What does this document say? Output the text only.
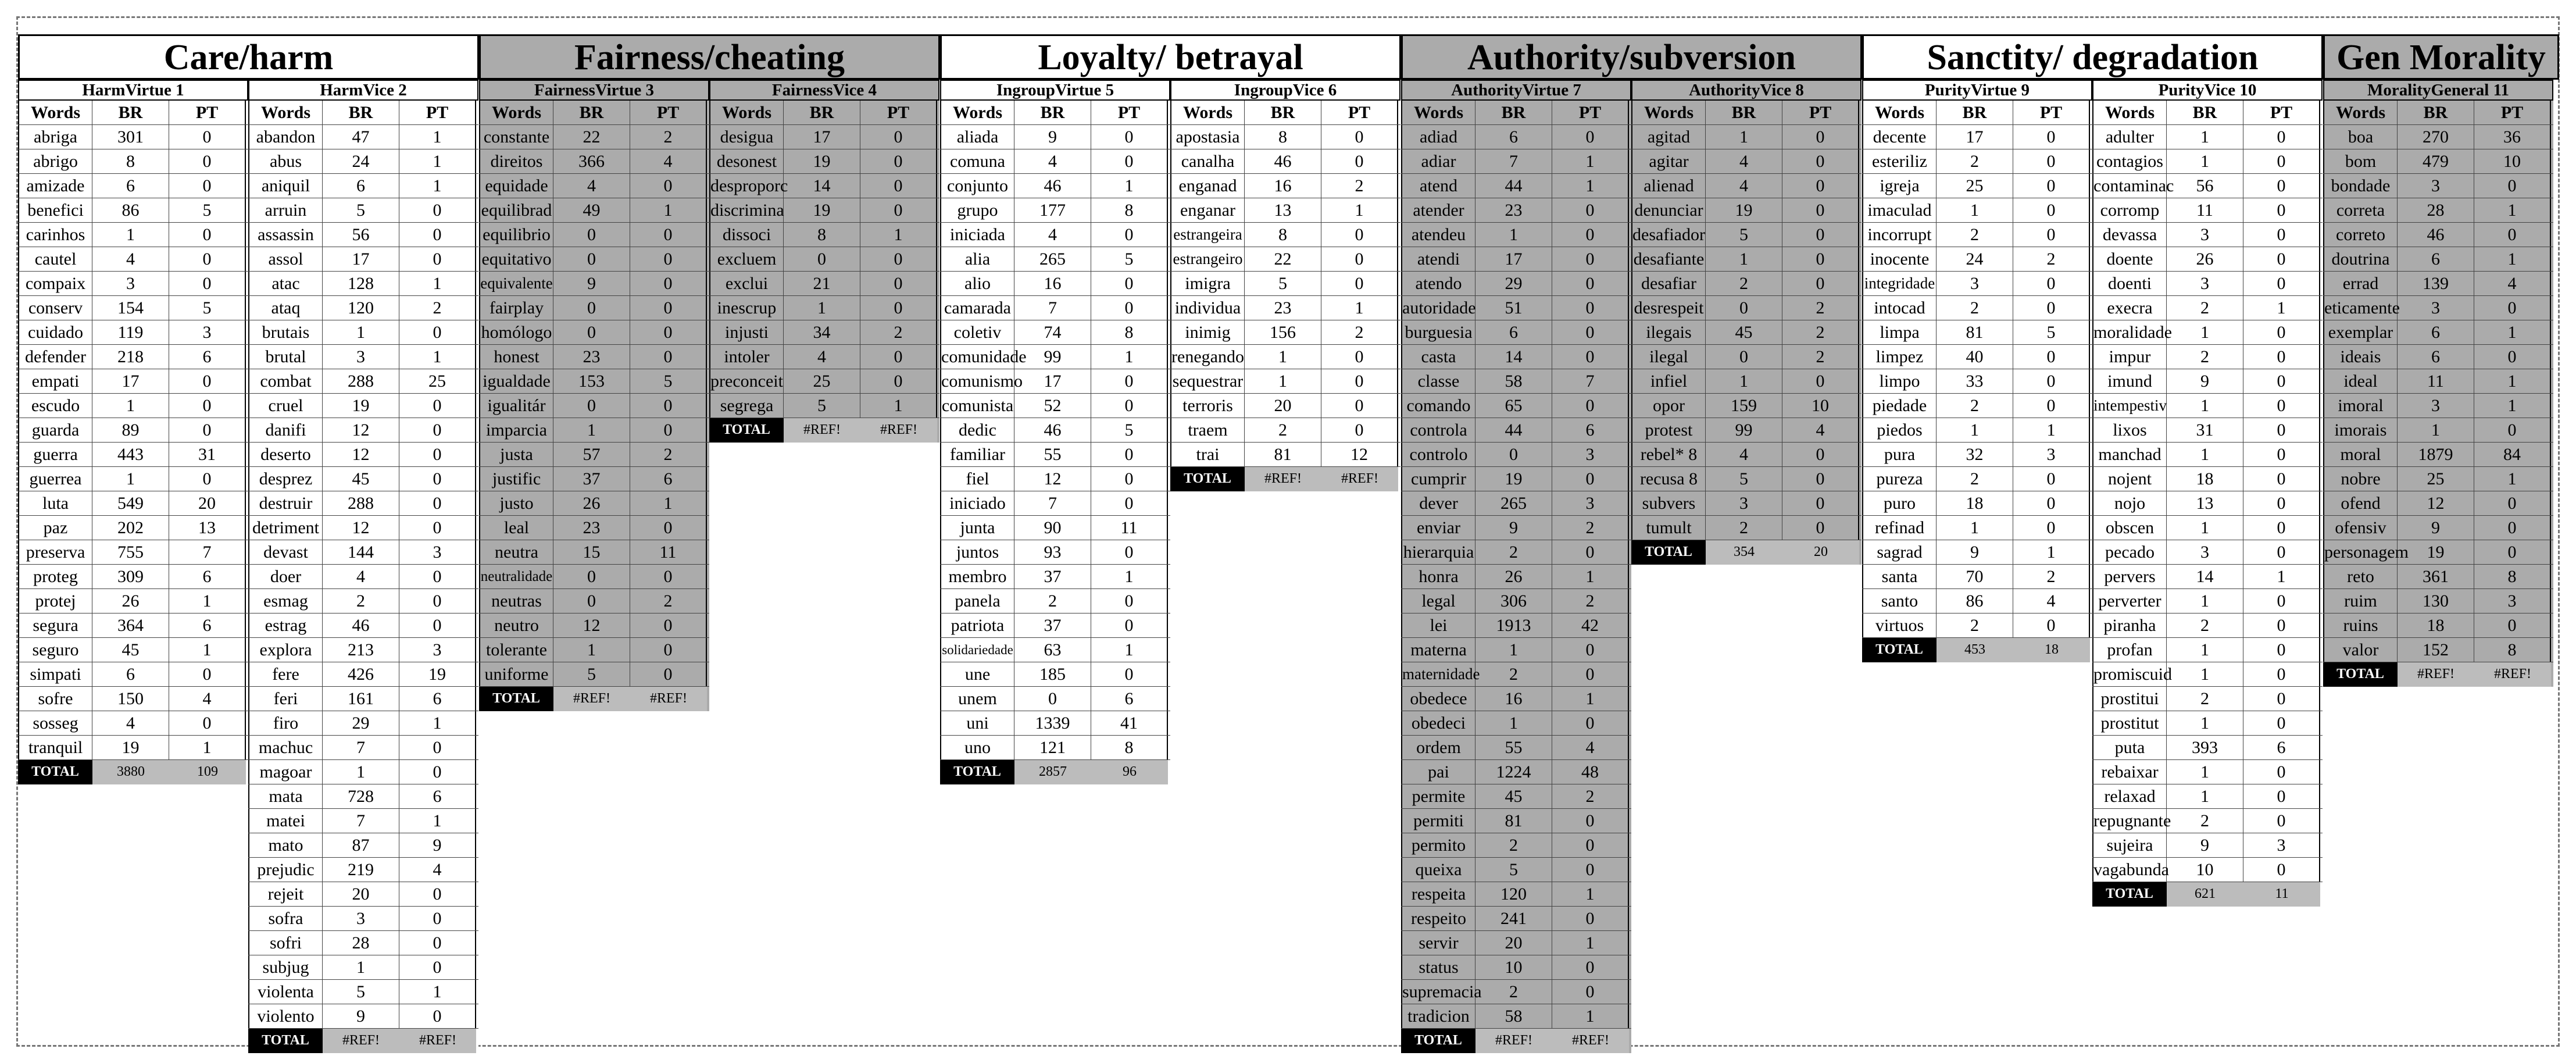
Care/harm
HarmVirtue 1
Words	BR	PT
abriga	301	0
abrigo	8	0
amizade	6	0
benefici	86	5
carinhos	1	0
cautel	4	0
compaix	3	0
conserv	154	5
cuidado	119	3
defender	218	6
empati	17	0
escudo	1	0
guarda	89	0
guerra	443	31
guerrea	1	0
luta	549	20
paz	202	13
preserva	755	7
proteg	309	6
protej	26	1
segura	364	6
seguro	45	1
simpati	6	0
sofre	150	4
sosseg	4	0
tranquil	19	1
TOTAL	3880	109
HarmVice 2
Words	BR	PT
abandon	47	1
abus	24	1
aniquil	6	1
arruin	5	0
assassin	56	0
assol	17	0
atac	128	1
ataq	120	2
brutais	1	0
brutal	3	1
combat	288	25
cruel	19	0
danifi	12	0
deserto	12	0
desprez	45	0
destruir	288	0
detriment	12	0
devast	144	3
doer	4	0
esmag	2	0
estrag	46	0
explora	213	3
fere	426	19
feri	161	6
firo	29	1
machuc	7	0
magoar	1	0
mata	728	6
matei	7	1
mato	87	9
prejudic	219	4
rejeit	20	0
sofra	3	0
sofri	28	0
subjug	1	0
violenta	5	1
violento	9	0
TOTAL	#REF!	#REF!
Fairness/cheating
FairnessVirtue 3
Words	BR	PT
constante	22	2
direitos	366	4
equidade	4	0
equilibrad	49	1
equilibrio	0	0
equitativo	0	0
equivalente	9	0
fairplay	0	0
homólogo	0	0
honest	23	0
igualdade	153	5
igualitár	0	0
imparcia	1	0
justa	57	2
justific	37	6
justo	26	1
leal	23	0
neutra	15	11
neutralidade	0	0
neutras	0	2
neutro	12	0
tolerante	1	0
uniforme	5	0
TOTAL	#REF!	#REF!
FairnessVice 4
Words	BR	PT
desigua	17	0
desonest	19	0
desproporc	14	0
discrimina	19	0
dissoci	8	1
excluem	0	0
exclui	21	0
inescrup	1	0
injusti	34	2
intoler	4	0
preconceit	25	0
segrega	5	1
TOTAL	#REF!	#REF!
Loyalty/ betrayal
IngroupVirtue 5
Words	BR	PT
aliada	9	0
comuna	4	0
conjunto	46	1
grupo	177	8
iniciada	4	0
alia	265	5
alio	16	0
camarada	7	0
coletiv	74	8
comunidade 99	1
comunismo	17	0
comunista	52	0
dedic	46	5
familiar	55	0
fiel	12	0
iniciado	7	0
junta	90	11
juntos	93	0
membro	37	1
panela	2	0
patriota	37	0
solidariedade	63	1
une	185	0
unem	0	6
uni	1339	41
uno	121	8
TOTAL	2857	96
IngroupVice 6
Words	BR	PT
apostasia	8	0
canalha	46	0
enganad	16	2
enganar	13	1
estrangeira	8	0
estrangeiro	22	0
imigra	5	0
individua	23	1
inimig	156	2
renegando	1	0
sequestrar	1	0
terroris	20	0
traem	2	0
trai	81	12
TOTAL	#REF!	#REF!
Authority/subversion
AuthorityVirtue 7
Words	BR	PT
adiad	6	0
adiar	7	1
atend	44	1
atender	23	0
atendeu	1	0
atendi	17	0
atendo	29	0
autoridade	51	0
burguesia	6	0
casta	14	0
classe	58	7
comando	65	0
controla	44	6
controlo	0	3
cumprir	19	0
dever	265	3
enviar	9	2
hierarquia	2	0
honra	26	1
legal	306	2
lei	1913	42
materna	1	0
maternidade	2	0
obedece	16	1
obedeci	1	0
ordem	55	4
pai	1224	48
permite	45	2
permiti	81	0
permito	2	0
queixa	5	0
respeita	120	1
respeito	241	0
servir	20	1
status	10	0
supremacia	2	0
tradicion	58	1
TOTAL	#REF!	#REF!
AuthorityVice 8
Words	BR	PT
agitad	1	0
agitar	4	0
alienad	4	0
denunciar	19	0
desafiador	5	0
desafiante	1	0
desafiar	2	0
desrespeit	0	2
ilegais	45	2
ilegal	0	2
infiel	1	0
opor	159	10
protest	99	4
rebel* 8	4	0
recusa 8	5	0
subvers	3	0
tumult	2	0
TOTAL	354	20
Sanctity/ degradation
PurityVirtue 9
Words	BR	PT
decente	17	0
esteriliz	2	0
igreja	25	0
imaculad	1	0
incorrupt	2	0
inocente	24	2
integridade	3	0
intocad	2	0
limpa	81	5
limpez	40	0
limpo	33	0
piedade	2	0
piedos	1	1
pura	32	3
pureza	2	0
puro	18	0
refinad	1	0
sagrad	9	1
santa	70	2
santo	86	4
virtuos	2	0
TOTAL	453	18
PurityVice 10
Words	BR	PT
adulter	1	0
contagios	1	0
contaminac	56	0
corromp	11	0
devassa	3	0
doente	26	0
doenti	3	0
execra	2	1
moralidade	1	0
impur	2	0
imund	9	0
intempestiv	1	0
lixos	31	0
manchad	1	0
nojent	18	0
nojo	13	0
obscen	1	0
pecado	3	0
pervers	14	1
perverter	1	0
piranha	2	0
profan	1	0
promiscuid	1	0
prostitui	2	0
prostitut	1	0
puta	393	6
rebaixar	1	0
relaxad	1	0
repugnante	2	0
sujeira	9	3
vagabunda	10	0
TOTAL	621	11
Gen Morality
MoralityGeneral 11
Words	BR	PT
boa	270	36
bom	479	10
bondade	3	0
correta	28	1
correto	46	0
doutrina	6	1
errad	139	4
eticamente	3	0
exemplar	6	1
ideais	6	0
ideal	11	1
imoral	3	1
imorais	1	0
moral	1879	84
nobre	25	1
ofend	12	0
ofensiv	9	0
personagem	19	0
reto	361	8
ruim	130	3
ruins	18	0
valor	152	8
TOTAL	#REF!	#REF!
